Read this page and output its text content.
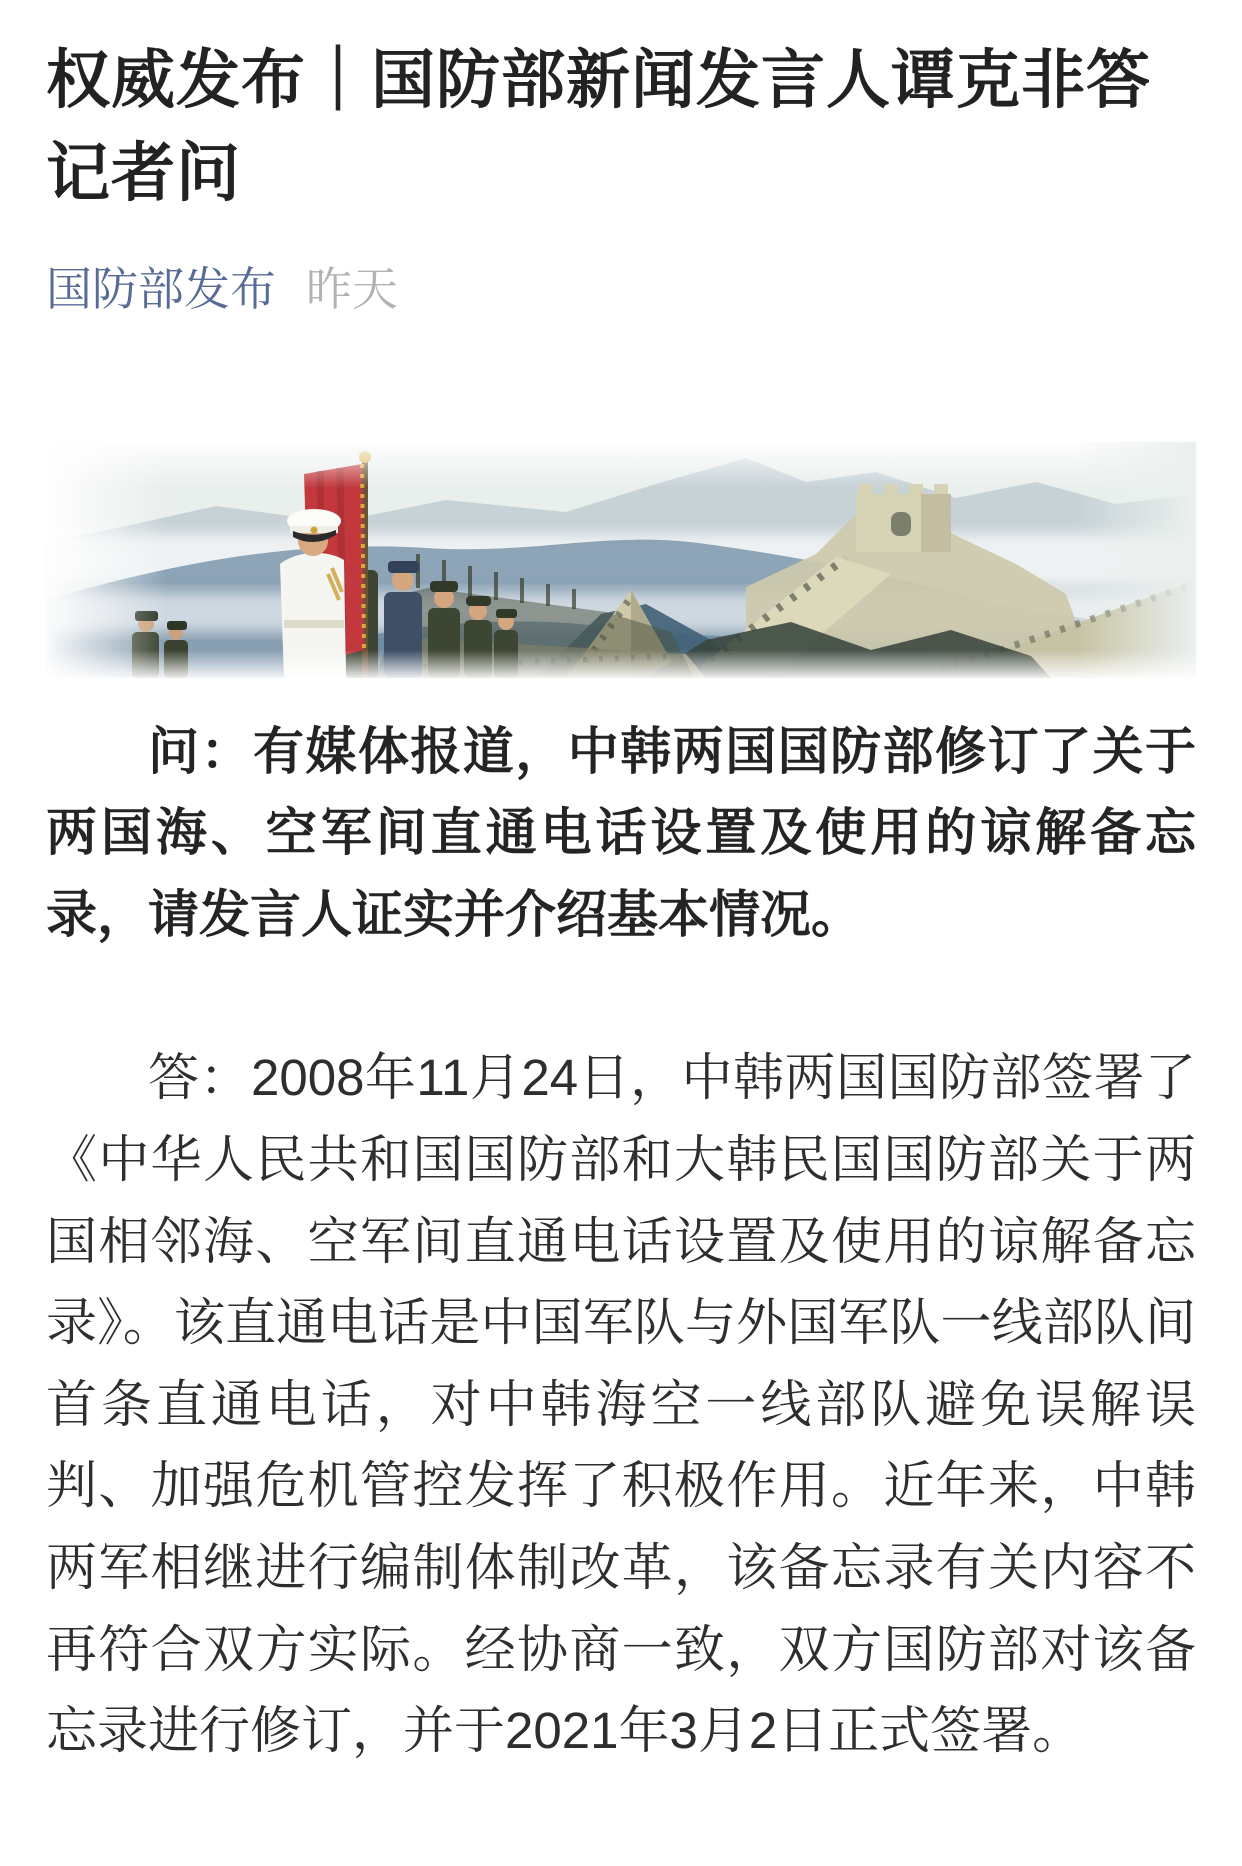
权威发布｜国防部新闻发言人谭克非答记者问
国防部发布 昨天

问：有媒体报道，中韩两国国防部修订了关于两国海、空军间直通电话设置及使用的谅解备忘录，请发言人证实并介绍基本情况。

答：2008年11月24日，中韩两国国防部签署了《中华人民共和国国防部和大韩民国国防部关于两国相邻海、空军间直通电话设置及使用的谅解备忘录》。该直通电话是中国军队与外国军队一线部队间首条直通电话，对中韩海空一线部队避免误解误判、加强危机管控发挥了积极作用。近年来，中韩两军相继进行编制体制改革，该备忘录有关内容不再符合双方实际。经协商一致，双方国防部对该备忘录进行修订，并于2021年3月2日正式签署。
